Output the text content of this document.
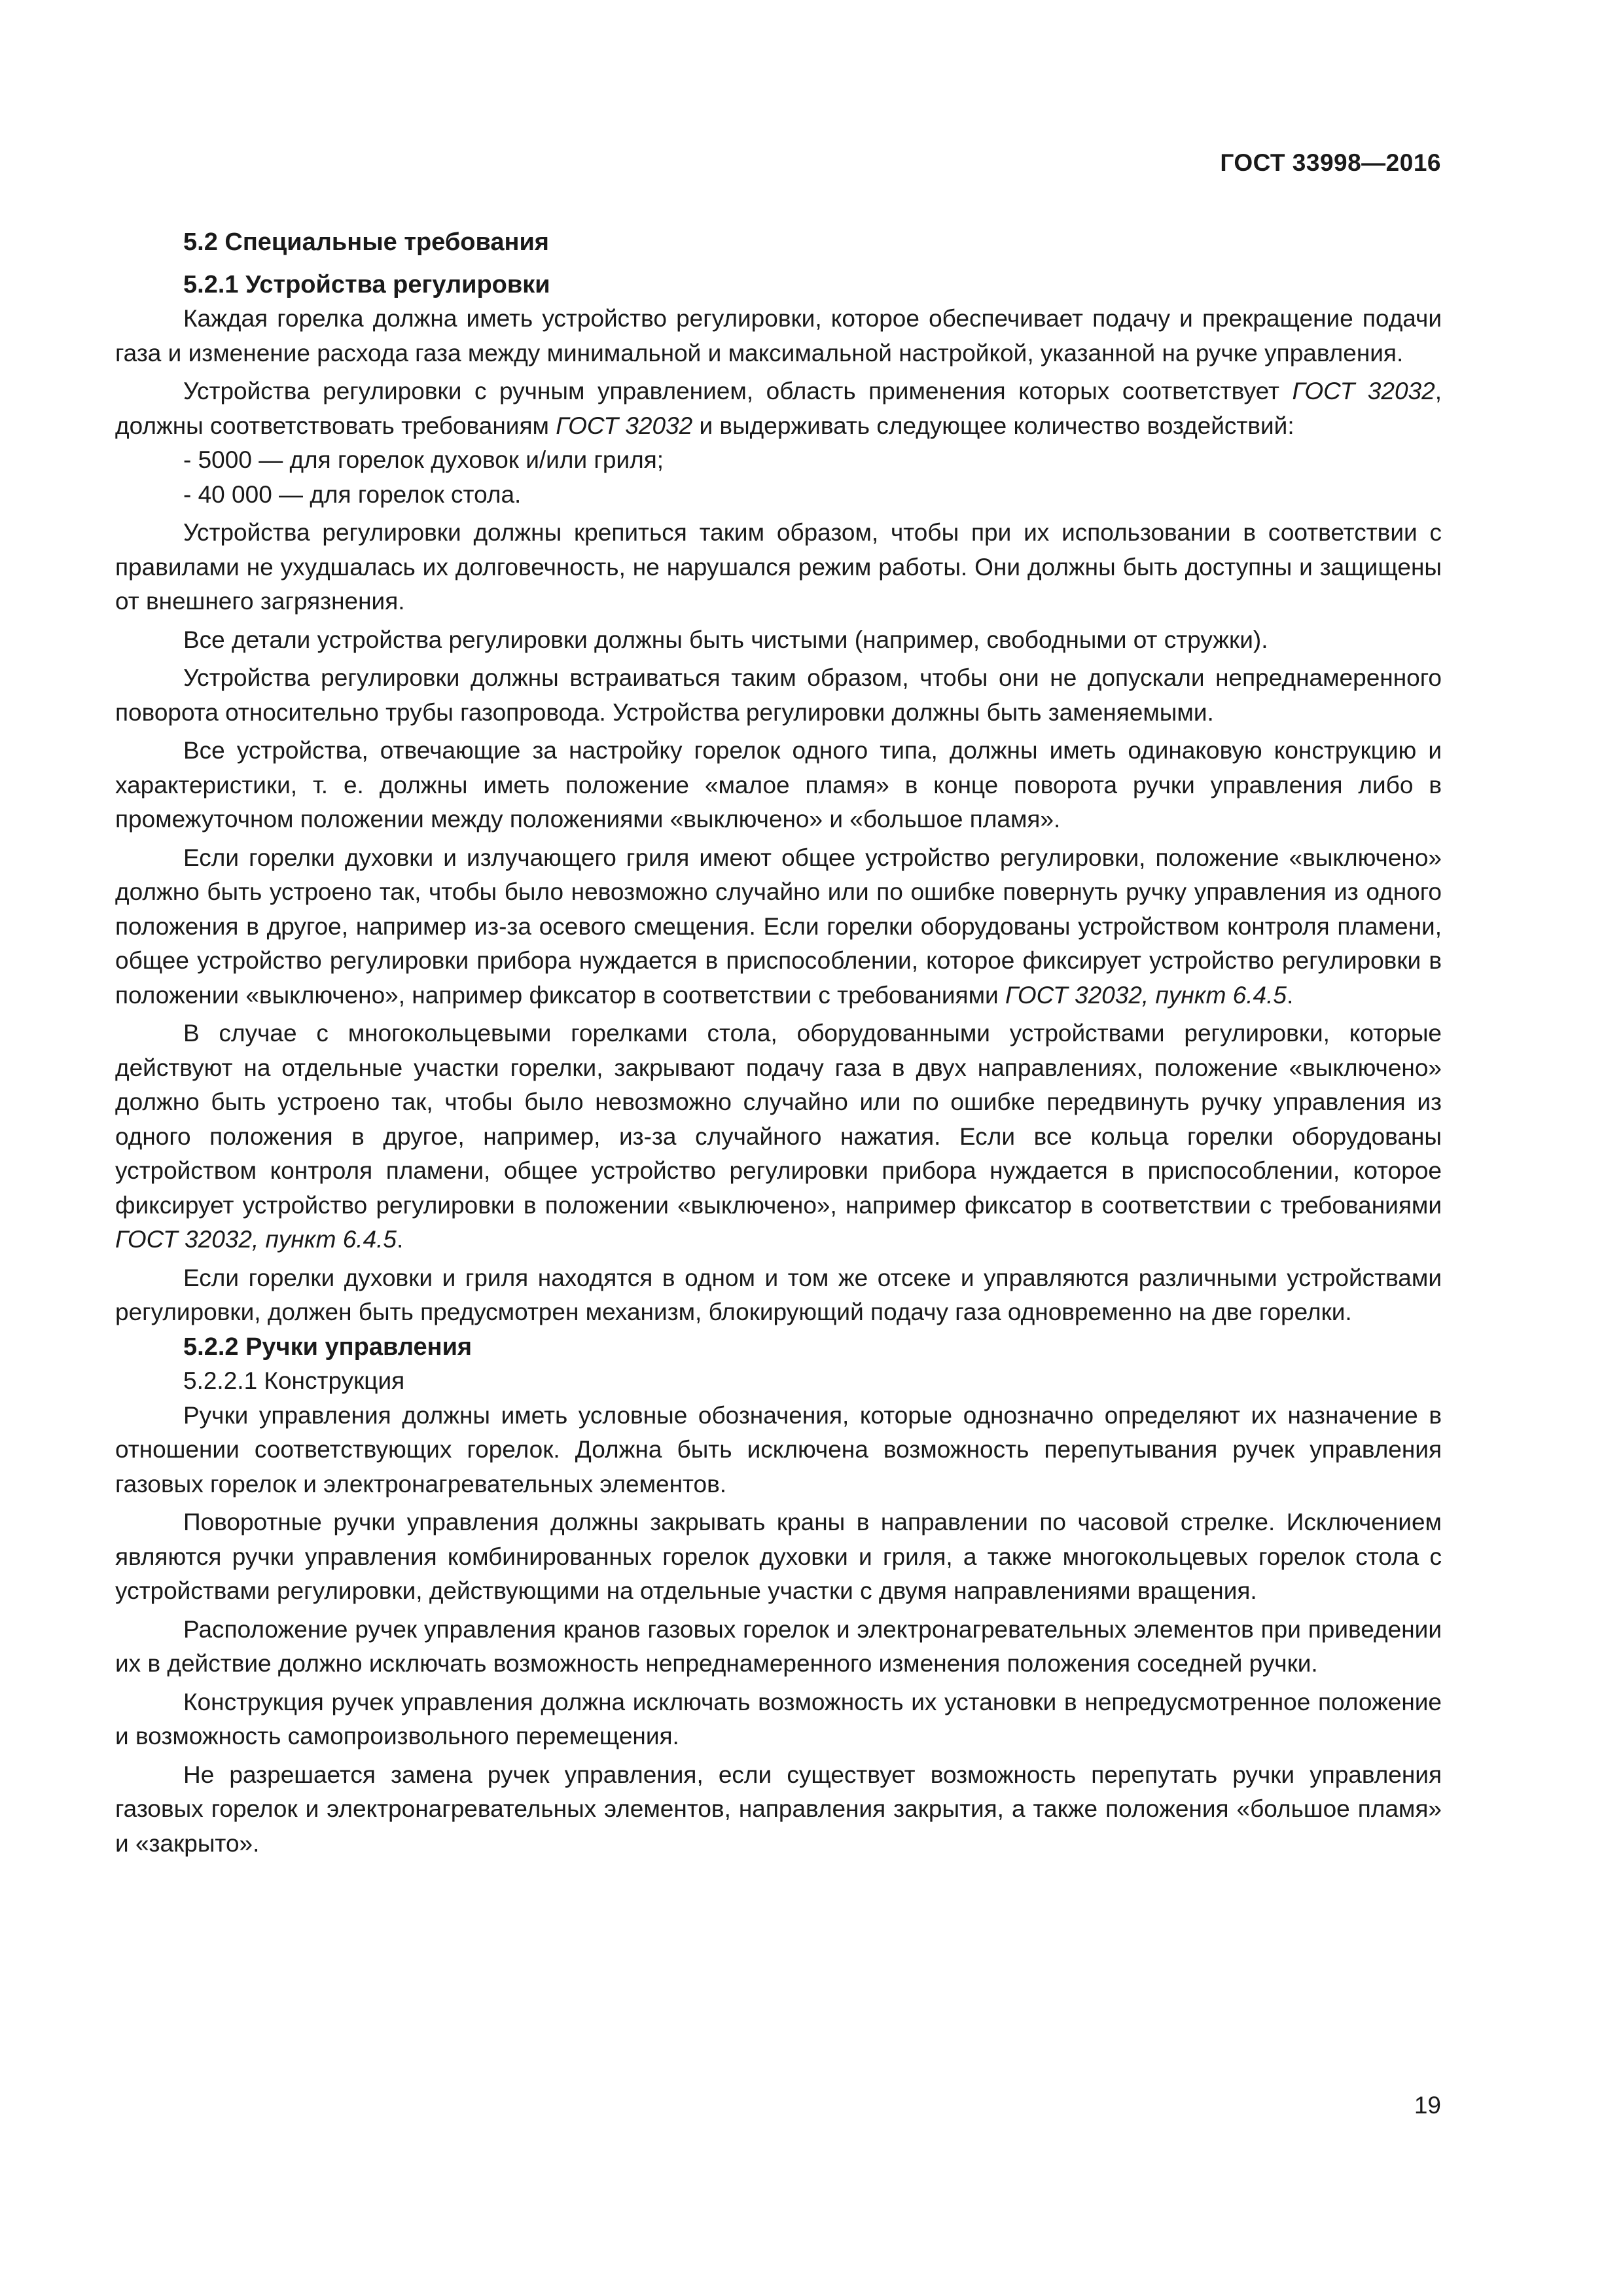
ГОСТ 33998—2016
5.2 Специальные требования
5.2.1 Устройства регулировки

Каждая горелка должна иметь устройство регулировки, которое обеспечивает подачу и прекращение подачи газа и изменение расхода газа между минимальной и максимальной настройкой, указанной на ручке управления.

Устройства регулировки с ручным управлением, область применения которых соответствует ГОСТ 32032, должны соответствовать требованиям ГОСТ 32032 и выдерживать следующее количество воздействий:

- 5000 — для горелок духовок и/или гриля;

- 40 000 — для горелок стола.

Устройства регулировки должны крепиться таким образом, чтобы при их использовании в соответствии с правилами не ухудшалась их долговечность, не нарушался режим работы. Они должны быть доступны и защищены от внешнего загрязнения.

Все детали устройства регулировки должны быть чистыми (например, свободными от стружки).

Устройства регулировки должны встраиваться таким образом, чтобы они не допускали непреднамеренного поворота относительно трубы газопровода. Устройства регулировки должны быть заменяемыми.

Все устройства, отвечающие за настройку горелок одного типа, должны иметь одинаковую конструкцию и характеристики, т. е. должны иметь положение «малое пламя» в конце поворота ручки управления либо в промежуточном положении между положениями «выключено» и «большое пламя».

Если горелки духовки и излучающего гриля имеют общее устройство регулировки, положение «выключено» должно быть устроено так, чтобы было невозможно случайно или по ошибке повернуть ручку управления из одного положения в другое, например из-за осевого смещения. Если горелки оборудованы устройством контроля пламени, общее устройство регулировки прибора нуждается в приспособлении, которое фиксирует устройство регулировки в положении «выключено», например фиксатор в соответствии с требованиями ГОСТ 32032, пункт 6.4.5.

В случае с многокольцевыми горелками стола, оборудованными устройствами регулировки, которые действуют на отдельные участки горелки, закрывают подачу газа в двух направлениях, положение «выключено» должно быть устроено так, чтобы было невозможно случайно или по ошибке передвинуть ручку управления из одного положения в другое, например, из-за случайного нажатия. Если все кольца горелки оборудованы устройством контроля пламени, общее устройство регулировки прибора нуждается в приспособлении, которое фиксирует устройство регулировки в положении «выключено», например фиксатор в соответствии с требованиями ГОСТ 32032, пункт 6.4.5.

Если горелки духовки и гриля находятся в одном и том же отсеке и управляются различными устройствами регулировки, должен быть предусмотрен механизм, блокирующий подачу газа одновременно на две горелки.

5.2.2 Ручки управления
5.2.2.1 Конструкция

Ручки управления должны иметь условные обозначения, которые однозначно определяют их назначение в отношении соответствующих горелок. Должна быть исключена возможность перепутывания ручек управления газовых горелок и электронагревательных элементов.

Поворотные ручки управления должны закрывать краны в направлении по часовой стрелке. Исключением являются ручки управления комбинированных горелок духовки и гриля, а также многокольцевых горелок стола с устройствами регулировки, действующими на отдельные участки с двумя направлениями вращения.

Расположение ручек управления кранов газовых горелок и электронагревательных элементов при приведении их в действие должно исключать возможность непреднамеренного изменения положения соседней ручки.

Конструкция ручек управления должна исключать возможность их установки в непредусмотренное положение и возможность самопроизвольного перемещения.

Не разрешается замена ручек управления, если существует возможность перепутать ручки управления газовых горелок и электронагревательных элементов, направления закрытия, а также положения «большое пламя» и «закрыто».

19
